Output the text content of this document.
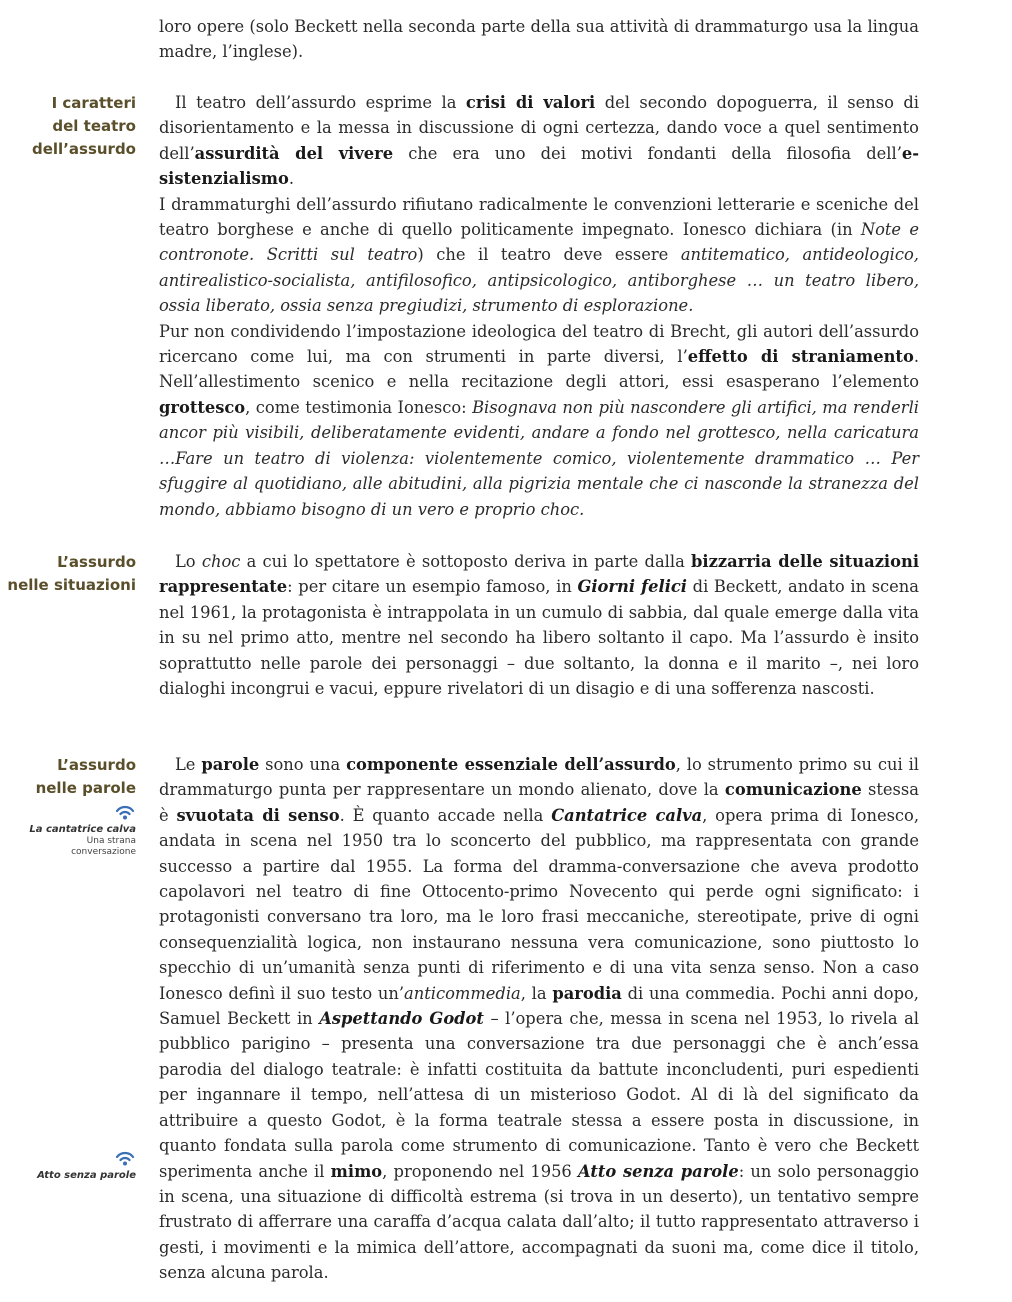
loro opere (solo Beckett nella seconda parte della sua attività di drammaturgo usa la lingua madre, l’inglese).

I caratteri
del teatro
dell’assurdo

Il teatro dell’assurdo esprime la crisi di valori del secondo dopoguerra, il senso di disorientamento e la messa in discussione di ogni certezza, dando voce a quel sentimento dell’assurdità del vivere che era uno dei motivi fondanti della filosofia dell’esistenzialismo.

I drammaturghi dell’assurdo rifiutano radicalmente le convenzioni letterarie e sceniche del teatro borghese e anche di quello politicamente impegnato. Ionesco dichiara (in Note e contronote. Scritti sul teatro) che il teatro deve essere antitematico, antideologico, antirealistico-socialista, antifilosofico, antipsicologico, antiborghese … un teatro libero, ossia liberato, ossia senza pregiudizi, strumento di esplorazione.

Pur non condividendo l’impostazione ideologica del teatro di Brecht, gli autori dell’assurdo ricercano come lui, ma con strumenti in parte diversi, l’effetto di straniamento. Nell’allestimento scenico e nella recitazione degli attori, essi esasperano l’elemento grottesco, come testimonia Ionesco: Bisognava non più nascondere gli artifici, ma renderli ancor più visibili, deliberatamente evidenti, andare a fondo nel grottesco, nella caricatura …Fare un teatro di violenza: violentemente comico, violentemente drammatico … Per sfuggire al quotidiano, alle abitudini, alla pigrizia mentale che ci nasconde la stranezza del mondo, abbiamo bisogno di un vero e proprio choc.

L’assurdo
nelle situazioni

Lo choc a cui lo spettatore è sottoposto deriva in parte dalla bizzarria delle situazioni rappresentate: per citare un esempio famoso, in Giorni felici di Beckett, andato in scena nel 1961, la protagonista è intrappolata in un cumulo di sabbia, dal quale emerge dalla vita in su nel primo atto, mentre nel secondo ha libero soltanto il capo. Ma l’assurdo è insito soprattutto nelle parole dei personaggi – due soltanto, la donna e il marito –, nei loro dialoghi incongrui e vacui, eppure rivelatori di un disagio e di una sofferenza nascosti.

L’assurdo
nelle parole
La cantatrice calva
Una strana
conversazione
Atto senza parole

Le parole sono una componente essenziale dell’assurdo, lo strumento primo su cui il drammaturgo punta per rappresentare un mondo alienato, dove la comunicazione stessa è svuotata di senso. È quanto accade nella Cantatrice calva, opera prima di Ionesco, andata in scena nel 1950 tra lo sconcerto del pubblico, ma rappresentata con grande successo a partire dal 1955. La forma del dramma-conversazione che aveva prodotto capolavori nel teatro di fine Ottocento-primo Novecento qui perde ogni significato: i protagonisti conversano tra loro, ma le loro frasi meccaniche, stereotipate, prive di ogni consequenzialità logica, non instaurano nessuna vera comunicazione, sono piuttosto lo specchio di un’umanità senza punti di riferimento e di una vita senza senso. Non a caso Ionesco definì il suo testo un’anticommedia, la parodia di una commedia. Pochi anni dopo, Samuel Beckett in Aspettando Godot – l’opera che, messa in scena nel 1953, lo rivela al pubblico parigino – presenta una conversazione tra due personaggi che è anch’essa parodia del dialogo teatrale: è infatti costituita da battute inconcludenti, puri espedienti per ingannare il tempo, nell’attesa di un misterioso Godot. Al di là del significato da attribuire a questo Godot, è la forma teatrale stessa a essere posta in discussione, in quanto fondata sulla parola come strumento di comunicazione. Tanto è vero che Beckett sperimenta anche il mimo, proponendo nel 1956 Atto senza parole: un solo personaggio in scena, una situazione di difficoltà estrema (si trova in un deserto), un tentativo sempre frustrato di afferrare una caraffa d’acqua calata dall’alto; il tutto rappresentato attraverso i gesti, i movimenti e la mimica dell’attore, accompagnati da suoni ma, come dice il titolo, senza alcuna parola.
